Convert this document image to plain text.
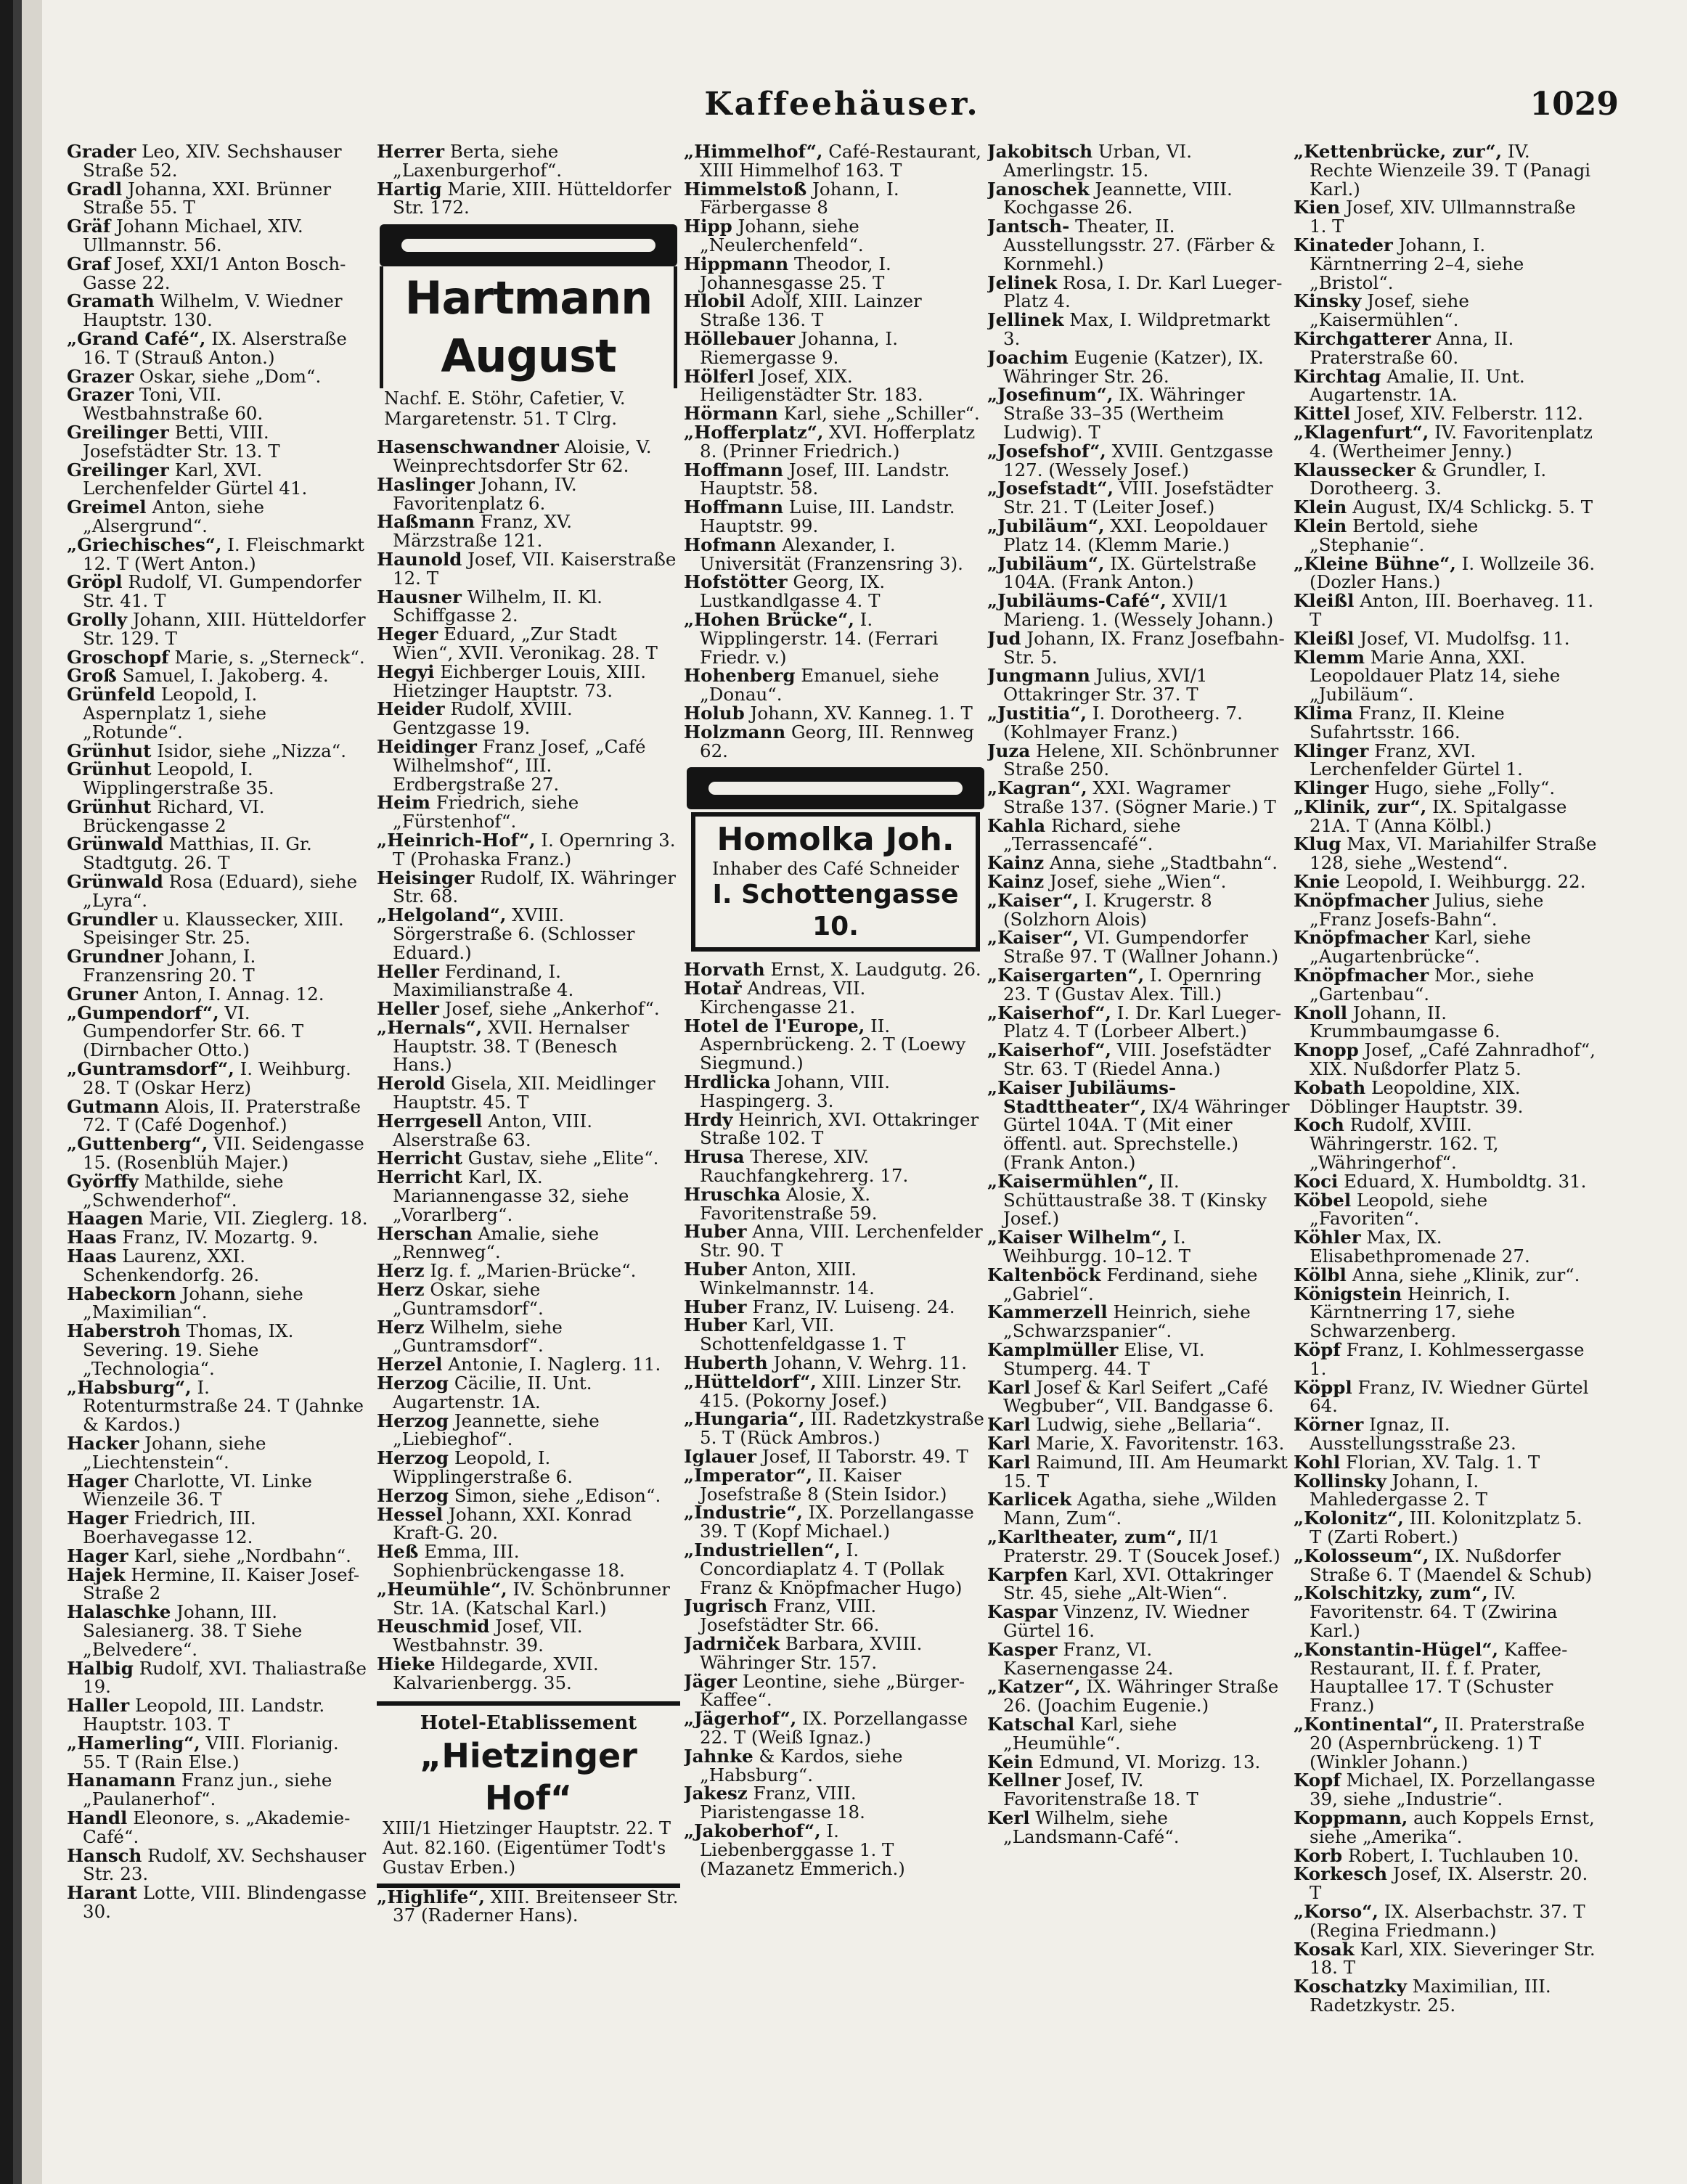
Kaffeehäuser.	1029

Grader Leo, XIV. Sechshauser Straße 52.

Gradl Johanna, XXI. Brünner Straße 55. T

Gräf Johann Michael, XIV. Ullmannstr. 56.

Graf Josef, XXI/1 Anton Bosch-Gasse 22.

Gramath Wilhelm, V. Wiedner Hauptstr. 130.

„Grand Café“, IX. Alserstraße 16. T (Strauß Anton.)

Grazer Oskar, siehe „Dom“.

Grazer Toni, VII. Westbahnstraße 60.

Greilinger Betti, VIII. Josefstädter Str. 13. T

Greilinger Karl, XVI. Lerchenfelder Gürtel 41.

Greimel Anton, siehe „Alsergrund“.

„Griechisches“, I. Fleischmarkt 12. T (Wert Anton.)

Gröpl Rudolf, VI. Gumpendorfer Str. 41. T

Grolly Johann, XIII. Hütteldorfer Str. 129. T

Groschopf Marie, s. „Sterneck“.

Groß Samuel, I. Jakoberg. 4.

Grünfeld Leopold, I. Aspernplatz 1, siehe „Rotunde“.

Grünhut Isidor, siehe „Nizza“.

Grünhut Leopold, I. Wipplingerstraße 35.

Grünhut Richard, VI. Brückengasse 2

Grünwald Matthias, II. Gr. Stadtgutg. 26. T

Grünwald Rosa (Eduard), siehe „Lyra“.

Grundler u. Klaussecker, XIII. Speisinger Str. 25.

Grundner Johann, I. Franzensring 20. T

Gruner Anton, I. Annag. 12.

„Gumpendorf“, VI. Gumpendorfer Str. 66. T (Dirnbacher Otto.)

„Guntramsdorf“, I. Weihburg. 28. T (Oskar Herz)

Gutmann Alois, II. Praterstraße 72. T (Café Dogenhof.)

„Guttenberg“, VII. Seidengasse 15. (Rosenblüh Majer.)

Györffy Mathilde, siehe „Schwenderhof“.

Haagen Marie, VII. Zieglerg. 18.

Haas Franz, IV. Mozartg. 9.

Haas Laurenz, XXI. Schenkendorfg. 26.

Habeckorn Johann, siehe „Maximilian“.

Haberstroh Thomas, IX. Severing. 19. Siehe „Technologia“.

„Habsburg“, I. Rotenturmstraße 24. T (Jahnke & Kardos.)

Hacker Johann, siehe „Liechtenstein“.

Hager Charlotte, VI. Linke Wienzeile 36. T

Hager Friedrich, III. Boerhavegasse 12.

Hager Karl, siehe „Nordbahn“.

Hajek Hermine, II. Kaiser Josef-Straße 2

Halaschke Johann, III. Salesianerg. 38. T Siehe „Belvedere“.

Halbig Rudolf, XVI. Thaliastraße 19.

Haller Leopold, III. Landstr. Hauptstr. 103. T

„Hamerling“, VIII. Florianig. 55. T (Rain Else.)

Hanamann Franz jun., siehe „Paulanerhof“.

Handl Eleonore, s. „Akademie-Café“.

Hansch Rudolf, XV. Sechshauser Str. 23.

Harant Lotte, VIII. Blindengasse 30.

Herrer Berta, siehe „Laxenburgerhof“.

Hartig Marie, XIII. Hütteldorfer Str. 172.

Hartmann August
Nachf. E. Stöhr, Cafetier, V. Margaretenstr. 51. T Clrg.

Hasenschwandner Aloisie, V. Weinprechtsdorfer Str 62.

Haslinger Johann, IV. Favoritenplatz 6.

Haßmann Franz, XV. Märzstraße 121.

Haunold Josef, VII. Kaiserstraße 12. T

Hausner Wilhelm, II. Kl. Schiffgasse 2.

Heger Eduard, „Zur Stadt Wien“, XVII. Veronikag. 28. T

Hegyi Eichberger Louis, XIII. Hietzinger Hauptstr. 73.

Heider Rudolf, XVIII. Gentzgasse 19.

Heidinger Franz Josef, „Café Wilhelmshof“, III. Erdbergstraße 27.

Heim Friedrich, siehe „Fürstenhof“.

„Heinrich-Hof“, I. Opernring 3. T (Prohaska Franz.)

Heisinger Rudolf, IX. Währinger Str. 68.

„Helgoland“, XVIII. Sörgerstraße 6. (Schlosser Eduard.)

Heller Ferdinand, I. Maximilianstraße 4.

Heller Josef, siehe „Ankerhof“.

„Hernals“, XVII. Hernalser Hauptstr. 38. T (Benesch Hans.)

Herold Gisela, XII. Meidlinger Hauptstr. 45. T

Herrgesell Anton, VIII. Alserstraße 63.

Herricht Gustav, siehe „Elite“.

Herricht Karl, IX. Mariannengasse 32, siehe „Vorarlberg“.

Herschan Amalie, siehe „Rennweg“.

Herz Ig. f. „Marien-Brücke“.

Herz Oskar, siehe „Guntramsdorf“.

Herz Wilhelm, siehe „Guntramsdorf“.

Herzel Antonie, I. Naglerg. 11.

Herzog Cäcilie, II. Unt. Augartenstr. 1A.

Herzog Jeannette, siehe „Liebieghof“.

Herzog Leopold, I. Wipplingerstraße 6.

Herzog Simon, siehe „Edison“.

Hessel Johann, XXI. Konrad Kraft-G. 20.

Heß Emma, III. Sophienbrückengasse 18.

„Heumühle“, IV. Schönbrunner Str. 1A. (Katschal Karl.)

Heuschmid Josef, VII. Westbahnstr. 39.

Hieke Hildegarde, XVII. Kalvarienbergg. 35.

Hotel-Etablissement
„Hietzinger Hof“
XIII/1 Hietzinger Hauptstr. 22. T Aut. 82.160. (Eigentümer Todt's Gustav Erben.)

„Highlife“, XIII. Breitenseer Str. 37 (Raderner Hans).

„Himmelhof“, Café-Restaurant, XIII Himmelhof 163. T

Himmelstoß Johann, I. Färbergasse 8

Hipp Johann, siehe „Neulerchenfeld“.

Hippmann Theodor, I. Johannesgasse 25. T

Hlobil Adolf, XIII. Lainzer Straße 136. T

Höllebauer Johanna, I. Riemergasse 9.

Hölferl Josef, XIX. Heiligenstädter Str. 183.

Hörmann Karl, siehe „Schiller“.

„Hofferplatz“, XVI. Hofferplatz 8. (Prinner Friedrich.)

Hoffmann Josef, III. Landstr. Hauptstr. 58.

Hoffmann Luise, III. Landstr. Hauptstr. 99.

Hofmann Alexander, I. Universität (Franzensring 3).

Hofstötter Georg, IX. Lustkandlgasse 4. T

„Hohen Brücke“, I. Wipplingerstr. 14. (Ferrari Friedr. v.)

Hohenberg Emanuel, siehe „Donau“.

Holub Johann, XV. Kanneg. 1. T

Holzmann Georg, III. Rennweg 62.

Homolka Joh.
Inhaber des Café Schneider
I. Schottengasse 10.

Horvath Ernst, X. Laudgutg. 26.

Hotař Andreas, VII. Kirchengasse 21.

Hotel de l'Europe, II. Aspernbrückeng. 2. T (Loewy Siegmund.)

Hrdlicka Johann, VIII. Haspingerg. 3.

Hrdy Heinrich, XVI. Ottakringer Straße 102. T

Hrusa Therese, XIV. Rauchfangkehrerg. 17.

Hruschka Alosie, X. Favoritenstraße 59.

Huber Anna, VIII. Lerchenfelder Str. 90. T

Huber Anton, XIII. Winkelmannstr. 14.

Huber Franz, IV. Luiseng. 24.

Huber Karl, VII. Schottenfeldgasse 1. T

Huberth Johann, V. Wehrg. 11.

„Hütteldorf“, XIII. Linzer Str. 415. (Pokorny Josef.)

„Hungaria“, III. Radetzkystraße 5. T (Rück Ambros.)

Iglauer Josef, II Taborstr. 49. T

„Imperator“, II. Kaiser Josefstraße 8 (Stein Isidor.)

„Industrie“, IX. Porzellangasse 39. T (Kopf Michael.)

„Industriellen“, I. Concordiaplatz 4. T (Pollak Franz & Knöpfmacher Hugo)

Jugrisch Franz, VIII. Josefstädter Str. 66.

Jadrniček Barbara, XVIII. Währinger Str. 157.

Jäger Leontine, siehe „Bürger-Kaffee“.

„Jägerhof“, IX. Porzellangasse 22. T (Weiß Ignaz.)

Jahnke & Kardos, siehe „Habsburg“.

Jakesz Franz, VIII. Piaristengasse 18.

„Jakoberhof“, I. Liebenberggasse 1. T (Mazanetz Emmerich.)

Jakobitsch Urban, VI. Amerlingstr. 15.

Janoschek Jeannette, VIII. Kochgasse 26.

Jantsch- Theater, II. Ausstellungsstr. 27. (Färber & Kornmehl.)

Jelinek Rosa, I. Dr. Karl Lueger-Platz 4.

Jellinek Max, I. Wildpretmarkt 3.

Joachim Eugenie (Katzer), IX. Währinger Str. 26.

„Josefinum“, IX. Währinger Straße 33–35 (Wertheim Ludwig). T

„Josefshof“, XVIII. Gentzgasse 127. (Wessely Josef.)

„Josefstadt“, VIII. Josefstädter Str. 21. T (Leiter Josef.)

„Jubiläum“, XXI. Leopoldauer Platz 14. (Klemm Marie.)

„Jubiläum“, IX. Gürtelstraße 104A. (Frank Anton.)

„Jubiläums-Café“, XVII/1 Marieng. 1. (Wessely Johann.)

Jud Johann, IX. Franz Josefbahn-Str. 5.

Jungmann Julius, XVI/1 Ottakringer Str. 37. T

„Justitia“, I. Dorotheerg. 7. (Kohlmayer Franz.)

Juza Helene, XII. Schönbrunner Straße 250.

„Kagran“, XXI. Wagramer Straße 137. (Sögner Marie.) T

Kahla Richard, siehe „Terrassencafé“.

Kainz Anna, siehe „Stadtbahn“.

Kainz Josef, siehe „Wien“.

„Kaiser“, I. Krugerstr. 8 (Solzhorn Alois)

„Kaiser“, VI. Gumpendorfer Straße 97. T (Wallner Johann.)

„Kaisergarten“, I. Opernring 23. T (Gustav Alex. Till.)

„Kaiserhof“, I. Dr. Karl Lueger-Platz 4. T (Lorbeer Albert.)

„Kaiserhof“, VIII. Josefstädter Str. 63. T (Riedel Anna.)

„Kaiser Jubiläums-Stadttheater“, IX/4 Währinger Gürtel 104A. T (Mit einer öffentl. aut. Sprechstelle.) (Frank Anton.)

„Kaisermühlen“, II. Schüttaustraße 38. T (Kinsky Josef.)

„Kaiser Wilhelm“, I. Weihburgg. 10–12. T

Kaltenböck Ferdinand, siehe „Gabriel“.

Kammerzell Heinrich, siehe „Schwarzspanier“.

Kamplmüller Elise, VI. Stumperg. 44. T

Karl Josef & Karl Seifert „Café Wegbuber“, VII. Bandgasse 6.

Karl Ludwig, siehe „Bellaria“.

Karl Marie, X. Favoritenstr. 163.

Karl Raimund, III. Am Heumarkt 15. T

Karlicek Agatha, siehe „Wilden Mann, Zum“.

„Karltheater, zum“, II/1 Praterstr. 29. T (Soucek Josef.)

Karpfen Karl, XVI. Ottakringer Str. 45, siehe „Alt-Wien“.

Kaspar Vinzenz, IV. Wiedner Gürtel 16.

Kasper Franz, VI. Kasernengasse 24.

„Katzer“, IX. Währinger Straße 26. (Joachim Eugenie.)

Katschal Karl, siehe „Heumühle“.

Kein Edmund, VI. Morizg. 13.

Kellner Josef, IV. Favoritenstraße 18. T

Kerl Wilhelm, siehe „Landsmann-Café“.

„Kettenbrücke, zur“, IV. Rechte Wienzeile 39. T (Panagi Karl.)

Kien Josef, XIV. Ullmannstraße 1. T

Kinateder Johann, I. Kärntnerring 2–4, siehe „Bristol“.

Kinsky Josef, siehe „Kaisermühlen“.

Kirchgatterer Anna, II. Praterstraße 60.

Kirchtag Amalie, II. Unt. Augartenstr. 1A.

Kittel Josef, XIV. Felberstr. 112.

„Klagenfurt“, IV. Favoritenplatz 4. (Wertheimer Jenny.)

Klaussecker & Grundler, I. Dorotheerg. 3.

Klein August, IX/4 Schlickg. 5. T

Klein Bertold, siehe „Stephanie“.

„Kleine Bühne“, I. Wollzeile 36. (Dozler Hans.)

Kleißl Anton, III. Boerhaveg. 11. T

Kleißl Josef, VI. Mudolfsg. 11.

Klemm Marie Anna, XXI. Leopoldauer Platz 14, siehe „Jubiläum“.

Klima Franz, II. Kleine Sufahrtsstr. 166.

Klinger Franz, XVI. Lerchenfelder Gürtel 1.

Klinger Hugo, siehe „Folly“.

„Klinik, zur“, IX. Spitalgasse 21A. T (Anna Kölbl.)

Klug Max, VI. Mariahilfer Straße 128, siehe „Westend“.

Knie Leopold, I. Weihburgg. 22.

Knöpfmacher Julius, siehe „Franz Josefs-Bahn“.

Knöpfmacher Karl, siehe „Augartenbrücke“.

Knöpfmacher Mor., siehe „Gartenbau“.

Knoll Johann, II. Krummbaumgasse 6.

Knopp Josef, „Café Zahnradhof“, XIX. Nußdorfer Platz 5.

Kobath Leopoldine, XIX. Döblinger Hauptstr. 39.

Koch Rudolf, XVIII. Währingerstr. 162. T, „Währingerhof“.

Koci Eduard, X. Humboldtg. 31.

Köbel Leopold, siehe „Favoriten“.

Köhler Max, IX. Elisabethpromenade 27.

Kölbl Anna, siehe „Klinik, zur“.

Königstein Heinrich, I. Kärntnerring 17, siehe Schwarzenberg.

Köpf Franz, I. Kohlmessergasse 1.

Köppl Franz, IV. Wiedner Gürtel 64.

Körner Ignaz, II. Ausstellungsstraße 23.

Kohl Florian, XV. Talg. 1. T

Kollinsky Johann, I. Mahledergasse 2. T

„Kolonitz“, III. Kolonitzplatz 5. T (Zarti Robert.)

„Kolosseum“, IX. Nußdorfer Straße 6. T (Maendel & Schub)

„Kolschitzky, zum“, IV. Favoritenstr. 64. T (Zwirina Karl.)

„Konstantin-Hügel“, Kaffee-Restaurant, II. f. f. Prater, Hauptallee 17. T (Schuster Franz.)

„Kontinental“, II. Praterstraße 20 (Aspernbrückeng. 1) T (Winkler Johann.)

Kopf Michael, IX. Porzellangasse 39, siehe „Industrie“.

Koppmann, auch Koppels Ernst, siehe „Amerika“.

Korb Robert, I. Tuchlauben 10.

Korkesch Josef, IX. Alserstr. 20. T

„Korso“, IX. Alserbachstr. 37. T (Regina Friedmann.)

Kosak Karl, XIX. Sieveringer Str. 18. T

Koschatzky Maximilian, III. Radetzkystr. 25.
